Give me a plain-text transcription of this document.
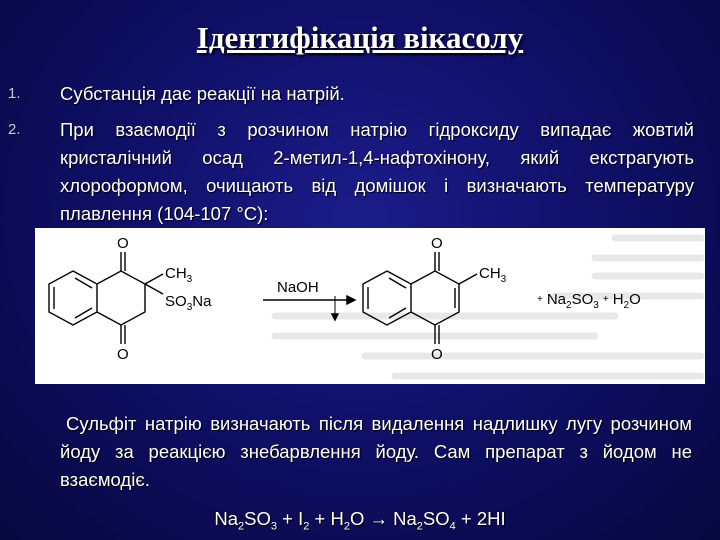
Ідентифікація вікасолу
1.	Субстанція дає реакції на натрій.
2.	При взаємодії з розчином натрію гідроксиду випадає жовтий кристалічний осад 2-метил-1,4-нафтохінону, який екстрагують хлороформом, очищають від домішок і визначають температуру плавлення (104-107 °С):
O
O
$CH_3$
$SO_3Na$
NaOH
O
O
$CH_3$
+ $Na_2SO_3^+$ $H_2O$
Сульфіт натрію визначають після видалення надлишку лугу розчином йоду за реакцією знебарвлення йоду. Сам препарат з йодом не взаємодіє.
$Na_2SO_3 + I_2 + H_2O \to Na_2SO_4 + 2HI$
